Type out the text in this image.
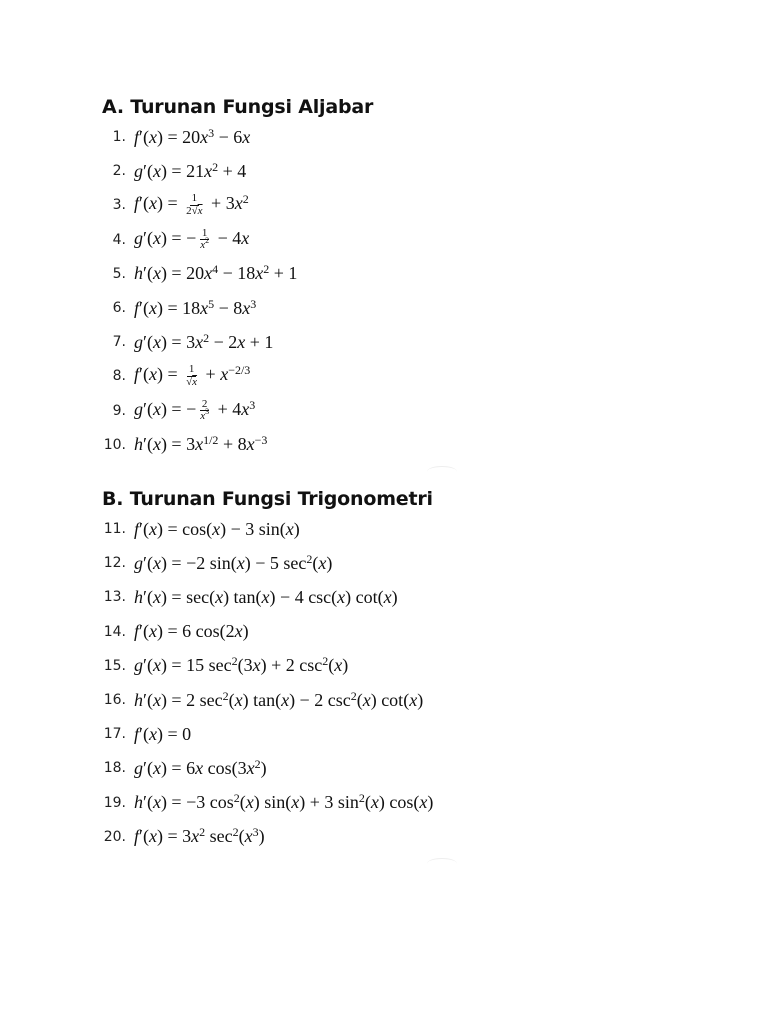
A. Turunan Fungsi Aljabar
1. $f'(x) = 20x^3 - 6x$
2. $g'(x) = 21x^2 + 4$
3. $f'(x) = \frac{1}{2√x} + 3x^2$
4. g′(x) = − $\frac{1}{x^2} - 4x$
5. $h'(x) = 20x^4 - 18x^2 + 1$
6. $f'(x) = 18x^5 - 8x^3$
7. $g'(x) = 3x^2 - 2x + 1$
8. $f'(x) = \frac{1}{√x} + x^{-2/3}$
9. g′(x) = − $\frac{2}{x^3} + 4x^3$
10. $h'(x) = 3x^{1/2} + 8x^{-3}$
B. Turunan Fungsi Trigonometri
11. f′(x) = cos(x) − 3 sin(x)
12. g′(x) = −2 sin(x) − 5 $\sec^2(x)$
13. h′(x) = sec(x) tan(x) − 4 csc(x) cot(x)
14. f′(x) = 6 cos(2x)
15. g′(x) = 15 $\sec^2(3x) + 2$ $\csc^2(x)$
16. h′(x) = 2 $\sec^2(x) \tan(x) - 2$ $\csc^2(x)$ cot(x)
17. f′(x) = 0
18. g′(x) = 6x $\cos(3x^2)$
19. h′(x) = −3 $\cos^2(x) \sin(x) + 3$ $\sin^2(x)$ cos(x)
20. $f'(x) = 3x^2$ $\sec^2(x^3)$
